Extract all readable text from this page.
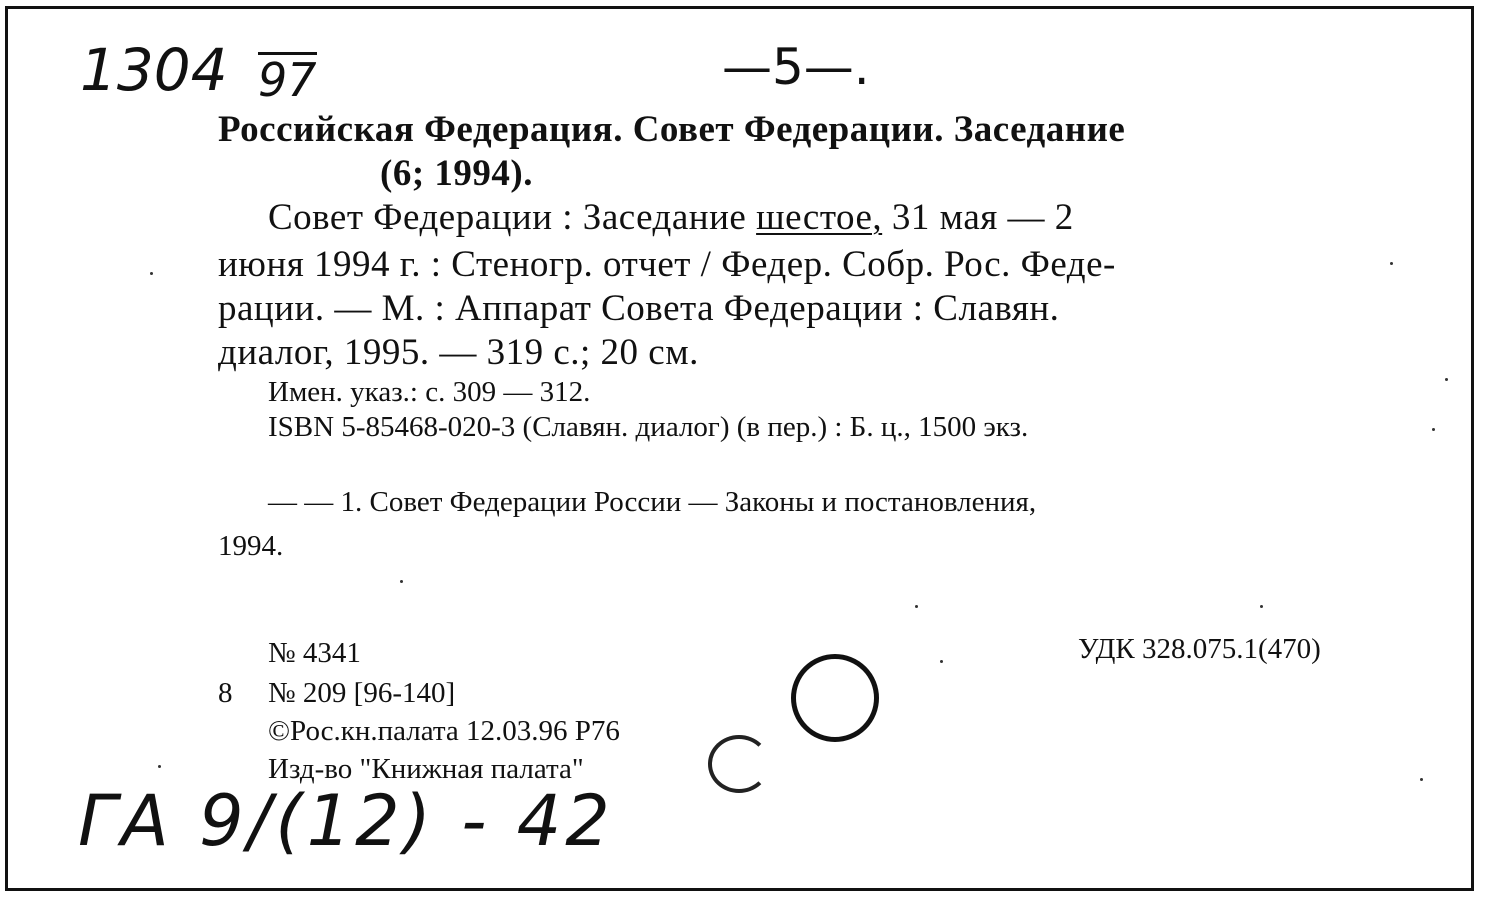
1304 97	—5—.
Российская Федерация. Совет Федерации. Заседание
(6; 1994).
Совет Федерации : Заседание шестое, 31 мая — 2
июня 1994 г. : Стеногр. отчет / Федер. Собр. Рос. Феде-
рации. — М. : Аппарат Совета Федерации : Славян.
диалог, 1995. — 319 с.; 20 см.
Имен. указ.: с. 309 — 312.
ISBN 5-85468-020-3 (Славян. диалог) (в пер.) : Б. ц., 1500 экз.
— — 1. Совет Федерации России — Законы и постановления,
1994.
№ 4341	УДК 328.075.1(470)
8 № 209 [96-140]
©Рос.кн.палата 12.03.96 Р76
Изд-во "Книжная палата"
ГА 9/(12) - 42
